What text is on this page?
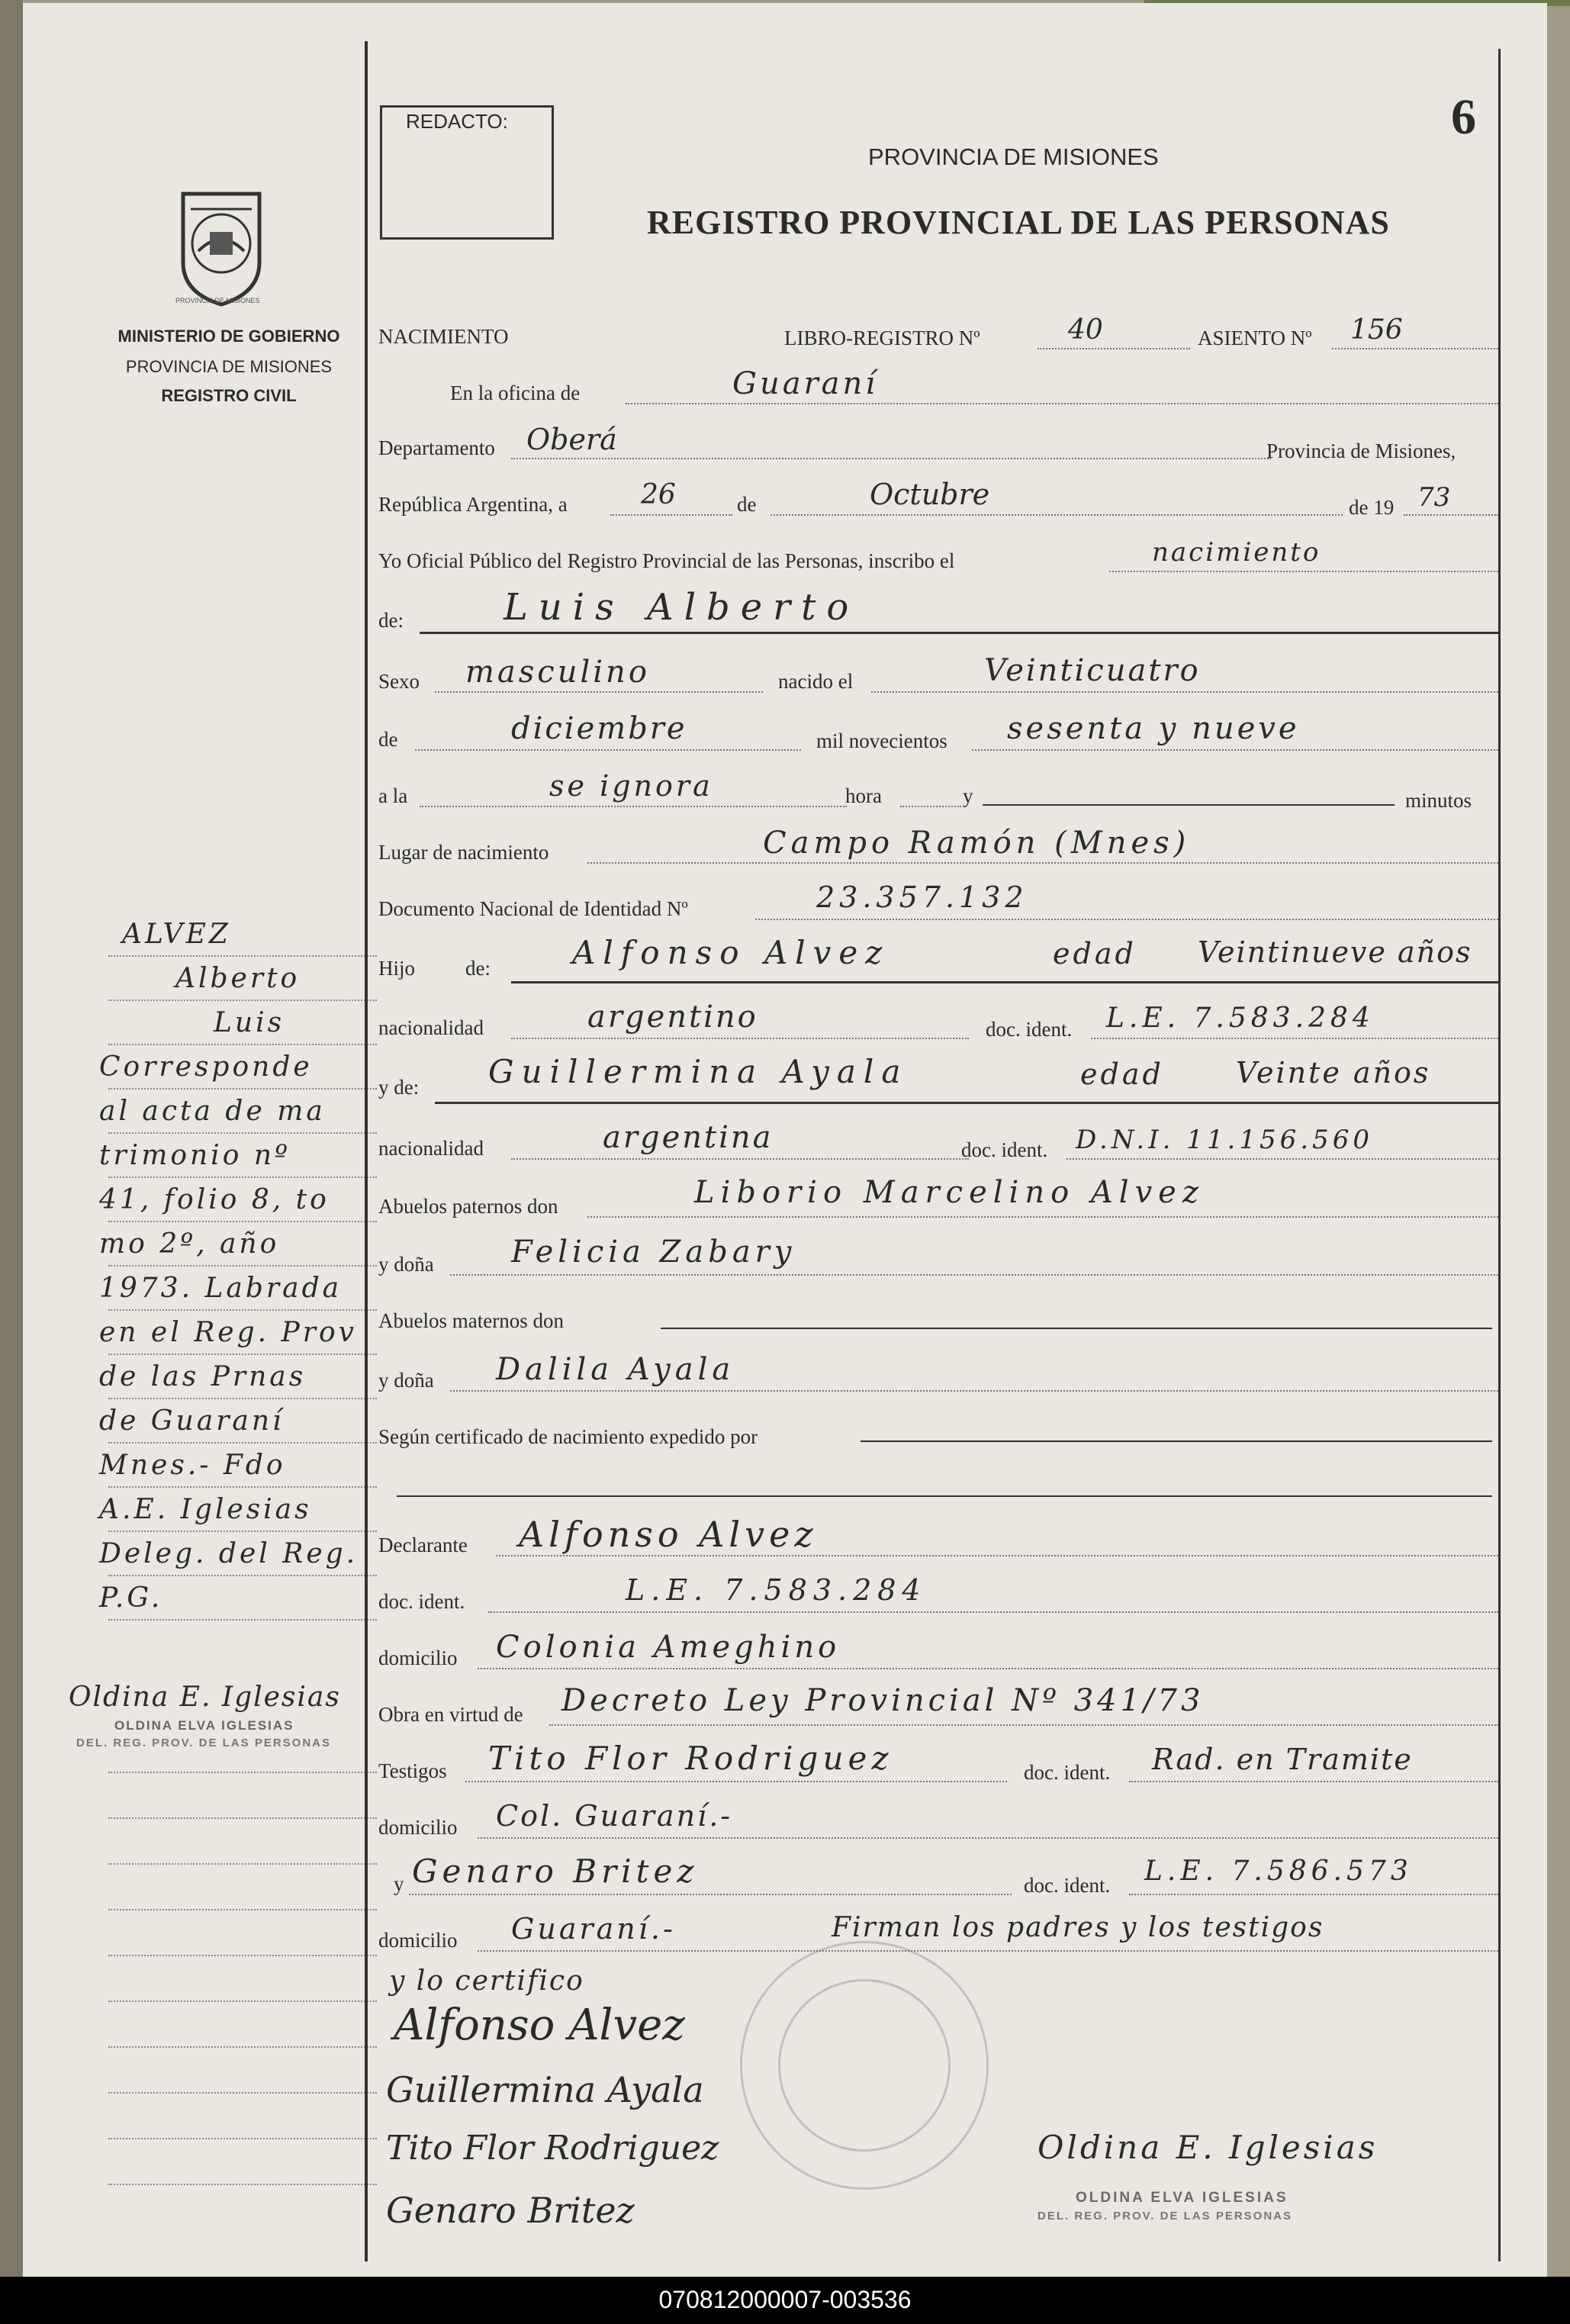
PROVINCIA DE MISIONES
MINISTERIO DE GOBIERNO
PROVINCIA DE MISIONES
REGISTRO CIVIL
ALVEZ
Alberto
Luis
Corresponde
al acta de ma
trimonio nº
41, folio 8, to
mo 2º, año
1973. Labrada
en el Reg. Prov
de las Prnas
de Guaraní
Mnes.- Fdo
A.E. Iglesias
Deleg. del Reg.
P.G.
Oldina E. Iglesias
OLDINA ELVA IGLESIAS
DEL. REG. PROV. DE LAS PERSONAS
REDACTO:	6
PROVINCIA DE MISIONES
REGISTRO PROVINCIAL DE LAS PERSONAS
NACIMIENTO	LIBRO-REGISTRO Nº	40	ASIENTO Nº 156
En la oficina de	Guaraní
Departamento Oberá	Provincia de Misiones,
República Argentina, a	26	de	Octubre	de 19 73
Yo Oficial Público del Registro Provincial de las Personas, inscribo el	nacimiento
de:	Luis Alberto
Sexo masculino	nacido el	Veinticuatro
de	diciembre	mil novecientos sesenta y nueve
a la	se ignora	hora	y	minutos
Lugar de nacimiento	Campo Ramón (Mnes)
Documento Nacional de Identidad Nº	23.357.132
Hijo de:	Alfonso Alvez	edad Veintinueve años
nacionalidad	argentino	doc. ident. L.E. 7.583.284
y de: Guillermina Ayala	edad Veinte años
nacionalidad	argentina	doc. ident. D.N.I. 11.156.560
Abuelos paternos don	Liborio Marcelino Alvez
y doña	Felicia Zabary
Abuelos maternos don
y doña Dalila Ayala
Según certificado de nacimiento expedido por
Declarante Alfonso Alvez
doc. ident.	L.E. 7.583.284
domicilio Colonia Ameghino
Obra en virtud de Decreto Ley Provincial Nº 341/73
Testigos Tito Flor Rodriguez	doc. ident. Rad. en Tramite
domicilio Col. Guaraní.-
y Genaro Britez	doc. ident. L.E. 7.586.573
domicilio Guaraní.-	Firman los padres y los testigos
y lo certifico
Alfonso Alvez
Guillermina Ayala
Tito Flor Rodriguez
Genaro Britez
Oldina E. Iglesias
OLDINA ELVA IGLESIAS
DEL. REG. PROV. DE LAS PERSONAS
070812000007-003536
